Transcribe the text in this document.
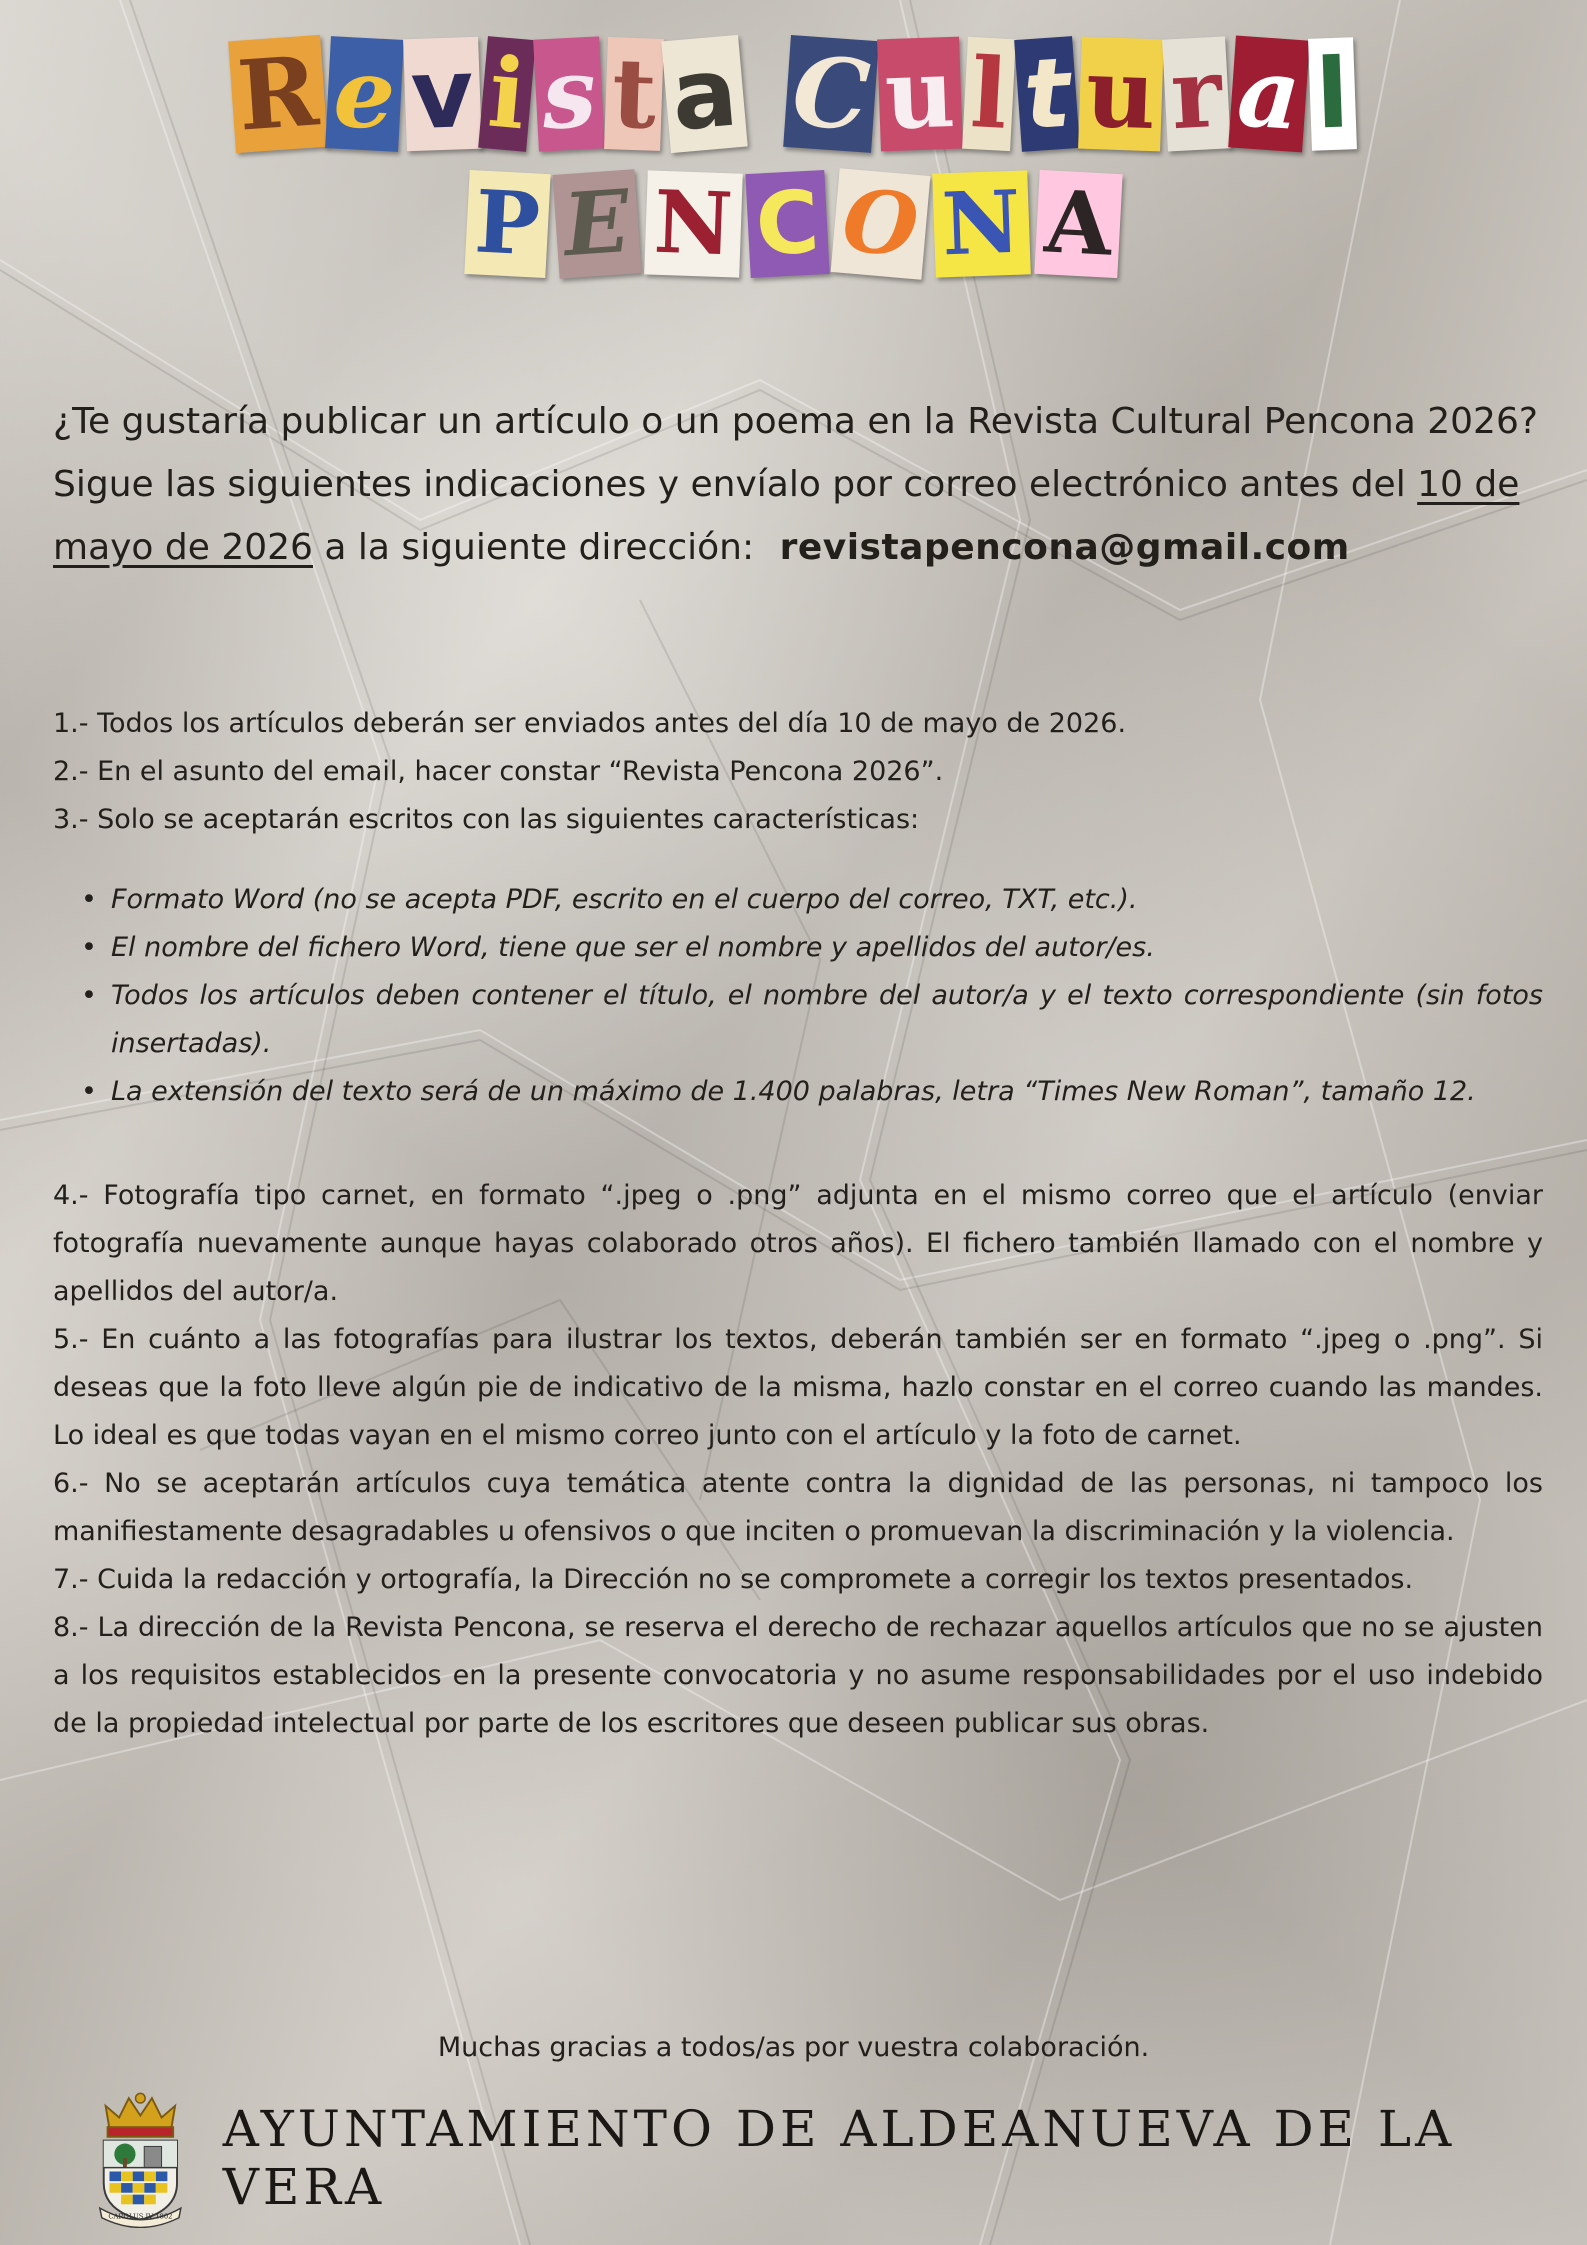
R e v i s t a C u l t u r a l
P E N C O N A

¿Te gustaría publicar un artículo o un poema en la Revista Cultural Pencona 2026?

Sigue las siguientes indicaciones y envíalo por correo electrónico antes del 10 de mayo de 2026 a la siguiente dirección: revistapencona@gmail.com

1.- Todos los artículos deberán ser enviados antes del día 10 de mayo de 2026.

2.- En el asunto del email, hacer constar “Revista Pencona 2026”.

3.- Solo se aceptarán escritos con las siguientes características:

• Formato Word (no se acepta PDF, escrito en el cuerpo del correo, TXT, etc.).
• El nombre del fichero Word, tiene que ser el nombre y apellidos del autor/es.
• Todos los artículos deben contener el título, el nombre del autor/a y el texto correspondiente (sin fotos insertadas).
• La extensión del texto será de un máximo de 1.400 palabras, letra “Times New Roman”, tamaño 12.

4.- Fotografía tipo carnet, en formato “.jpeg o .png” adjunta en el mismo correo que el artículo (enviar fotografía nuevamente aunque hayas colaborado otros años). El fichero también llamado con el nombre y apellidos del autor/a.

5.- En cuánto a las fotografías para ilustrar los textos, deberán también ser en formato “.jpeg o .png”. Si deseas que la foto lleve algún pie de indicativo de la misma, hazlo constar en el correo cuando las mandes. Lo ideal es que todas vayan en el mismo correo junto con el artículo y la foto de carnet.

6.- No se aceptarán artículos cuya temática atente contra la dignidad de las personas, ni tampoco los manifiestamente desagradables u ofensivos o que inciten o promuevan la discriminación y la violencia.

7.- Cuida la redacción y ortografía, la Dirección no se compromete a corregir los textos presentados.

8.- La dirección de la Revista Pencona, se reserva el derecho de rechazar aquellos artículos que no se ajusten a los requisitos establecidos en la presente convocatoria y no asume responsabilidades por el uso indebido de la propiedad intelectual por parte de los escritores que deseen publicar sus obras.

Muchas gracias a todos/as por vuestra colaboración.

CAROLUS IV 1802
AYUNTAMIENTO DE ALDEANUEVA DE LA VERA
